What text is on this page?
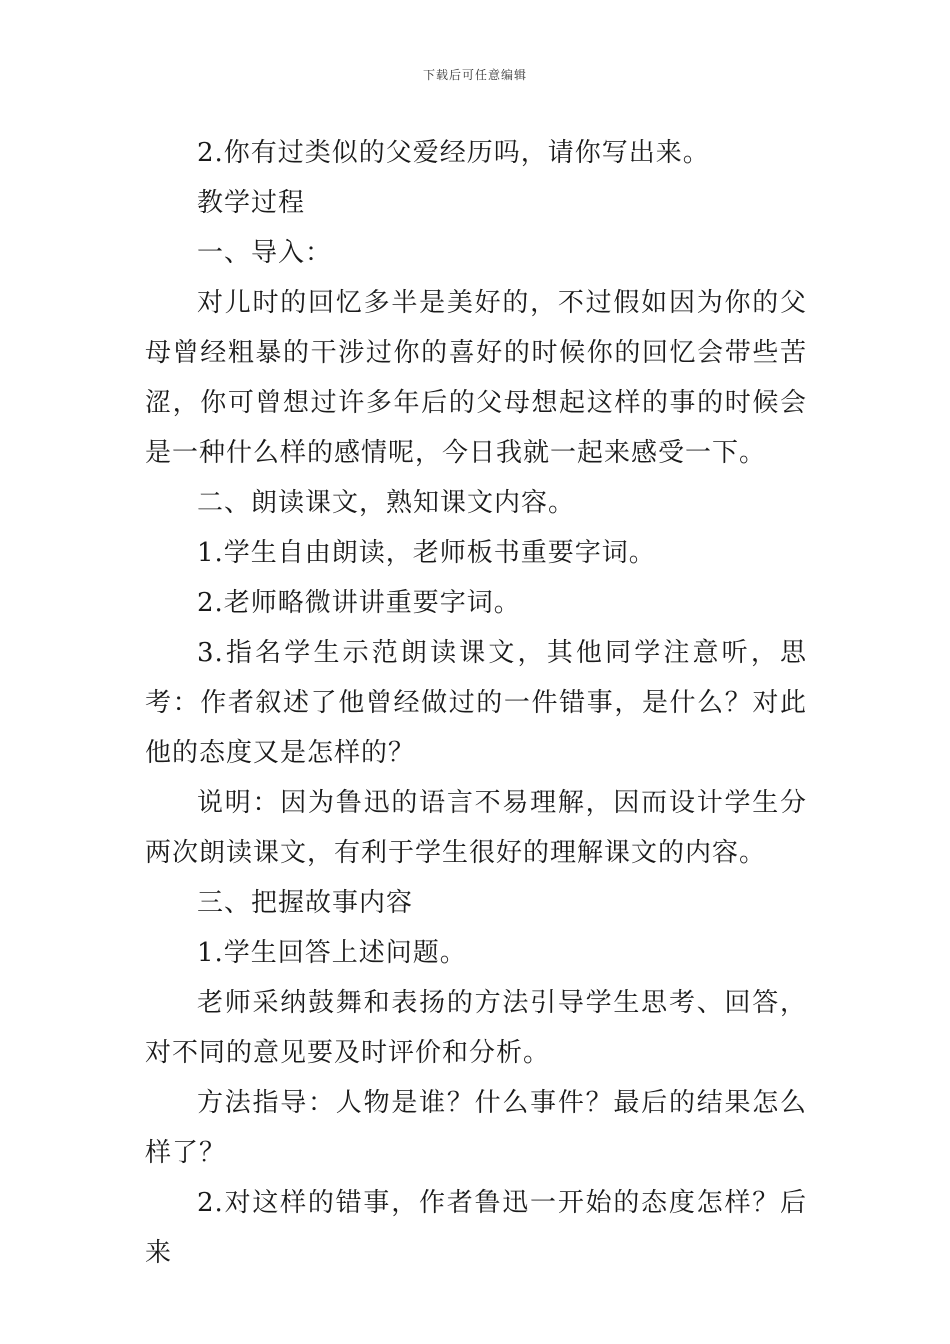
下载后可任意编辑

2.你有过类似的父爱经历吗，请你写出来。

教学过程

一、导入：

对儿时的回忆多半是美好的，不过假如因为你的父母曾经粗暴的干涉过你的喜好的时候你的回忆会带些苦涩，你可曾想过许多年后的父母想起这样的事的时候会是一种什么样的感情呢，今日我就一起来感受一下。

二、朗读课文，熟知课文内容。

1.学生自由朗读，老师板书重要字词。

2.老师略微讲讲重要字词。

3.指名学生示范朗读课文，其他同学注意听，思考：作者叙述了他曾经做过的一件错事，是什么？对此他的态度又是怎样的？

说明：因为鲁迅的语言不易理解，因而设计学生分两次朗读课文，有利于学生很好的理解课文的内容。

三、把握故事内容

1.学生回答上述问题。

老师采纳鼓舞和表扬的方法引导学生思考、回答，对不同的意见要及时评价和分析。

方法指导：人物是谁？什么事件？最后的结果怎么样了？

2.对这样的错事，作者鲁迅一开始的态度怎样？后来
